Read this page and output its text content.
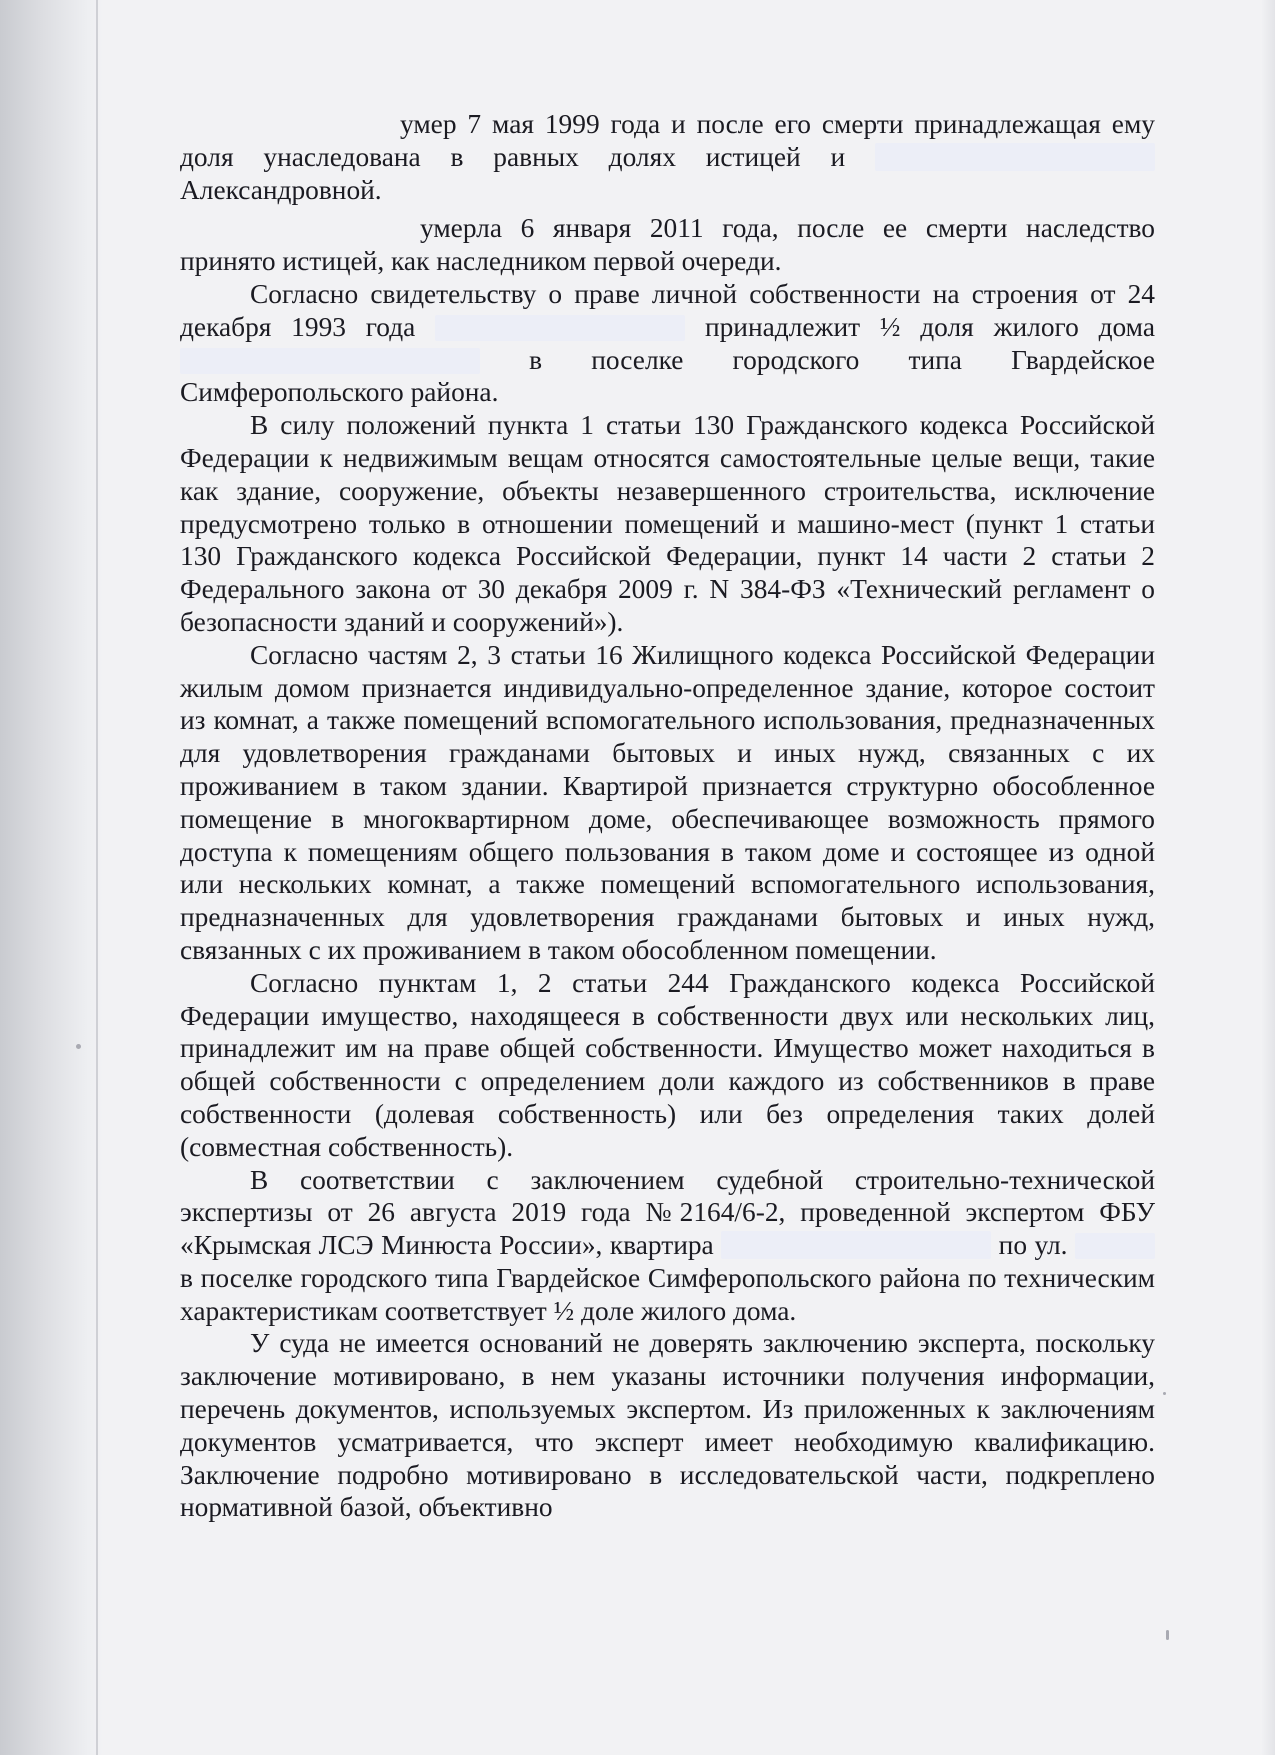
умер 7 мая 1999 года и после его смерти принадлежащая ему доля унаследована в равных долях истицей и  Александровной.

умерла 6 января 2011 года, после ее смерти наследство принято истицей, как наследником первой очереди.

Согласно свидетельству о праве личной собственности на строения от 24 декабря 1993 года	принадлежит ½ доля жилого дома  в поселке городского типа Гвардейское Симферопольского района.

В силу положений пункта 1 статьи 130 Гражданского кодекса Российской Федерации к недвижимым вещам относятся самостоятельные целые вещи, такие как здание, сооружение, объекты незавершенного строительства, исключение предусмотрено только в отношении помещений и машино-мест (пункт 1 статьи 130 Гражданского кодекса Российской Федерации, пункт 14 части 2 статьи 2 Федерального закона от 30 декабря 2009 г. N 384-ФЗ «Технический регламент о безопасности зданий и сооружений»).

Согласно частям 2, 3 статьи 16 Жилищного кодекса Российской Федерации жилым домом признается индивидуально-определенное здание, которое состоит из комнат, а также помещений вспомогательного использования, предназначенных для удовлетворения гражданами бытовых и иных нужд, связанных с их проживанием в таком здании. Квартирой признается структурно обособленное помещение в многоквартирном доме, обеспечивающее возможность прямого доступа к помещениям общего пользования в таком доме и состоящее из одной или нескольких комнат, а также помещений вспомогательного использования, предназначенных для удовлетворения гражданами бытовых и иных нужд, связанных с их проживанием в таком обособленном помещении.

Согласно пунктам 1, 2 статьи 244 Гражданского кодекса Российской Федерации имущество, находящееся в собственности двух или нескольких лиц, принадлежит им на праве общей собственности. Имущество может находиться в общей собственности с определением доли каждого из собственников в праве собственности (долевая собственность) или без определения таких долей (совместная собственность).

В соответствии с заключением судебной строительно-технической экспертизы от 26 августа 2019 года №2164/6-2, проведенной экспертом ФБУ «Крымская ЛСЭ Минюста России», квартира	по ул.  в поселке городского типа Гвардейское Симферопольского района по техническим характеристикам соответствует ½ доле жилого дома.

У суда не имеется оснований не доверять заключению эксперта, поскольку заключение мотивировано, в нем указаны источники получения информации, перечень документов, используемых экспертом. Из приложенных к заключениям документов усматривается, что эксперт имеет необходимую квалификацию. Заключение подробно мотивировано в исследовательской части, подкреплено нормативной базой, объективно
